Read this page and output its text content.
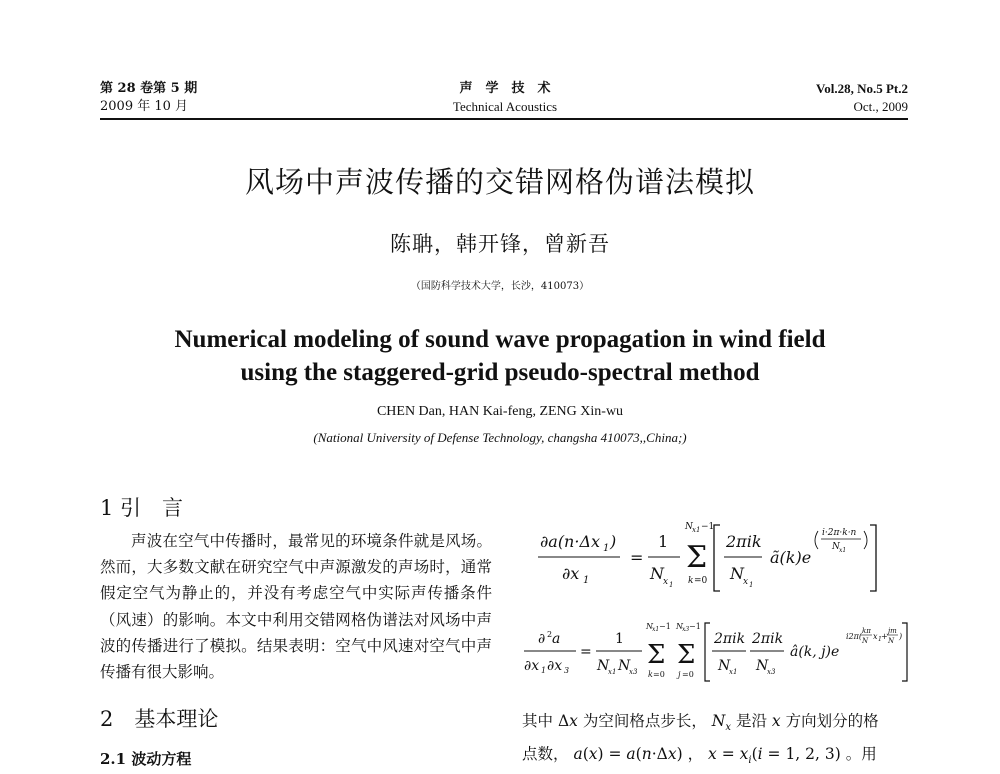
第 28 卷第 5 期
2009 年 10 月
声　学　技　术
Technical Acoustics
Vol.28, No.5 Pt.2
Oct., 2009
风场中声波传播的交错网格伪谱法模拟
陈聃，韩开锋，曾新吾
（国防科学技术大学，长沙，410073）
Numerical modeling of sound wave propagation in wind field
using the staggered-grid pseudo-spectral method
CHEN Dan, HAN Kai-feng, ZENG Xin-wu
(National University of Defense Technology, changsha 410073,,China;)
1 引　言
声波在空气中传播时，最常见的环境条件就是风场。然而，大多数文献在研究空气中声源激发的声场时，通常假定空气为静止的，并没有考虑空气中实际声传播条件（风速）的影响。本文中利用交错网格伪谱法对风场中声波的传播进行了模拟。结果表明：空气中风速对空气中声传播有很大影响。
2　基本理论
2.1 波动方程
∂a(n·Δx 1 )
∂x 1
=
1
N x 1
N x1 −1
Σ
k =0
2πik
N x 1
ã(k)e
i·2π·k·n
N x1
∂ 2 a
∂x 1 ∂x 3
=
1
N
x1 N
x3
N x1 −1
Σ
k =0
N x3 −1
Σ
j =0
2πik
N
x1
2πik
N
x3
â(k, j)e
i2π(
kπ
N x 1 +
jm
N )
其中 Δx 为空间格点步长， $N_x$ 是沿 x 方向划分的格
点数， a(x) = a(n·Δx) ， $x = x_i(i = 1$, 2, 3) 。用
